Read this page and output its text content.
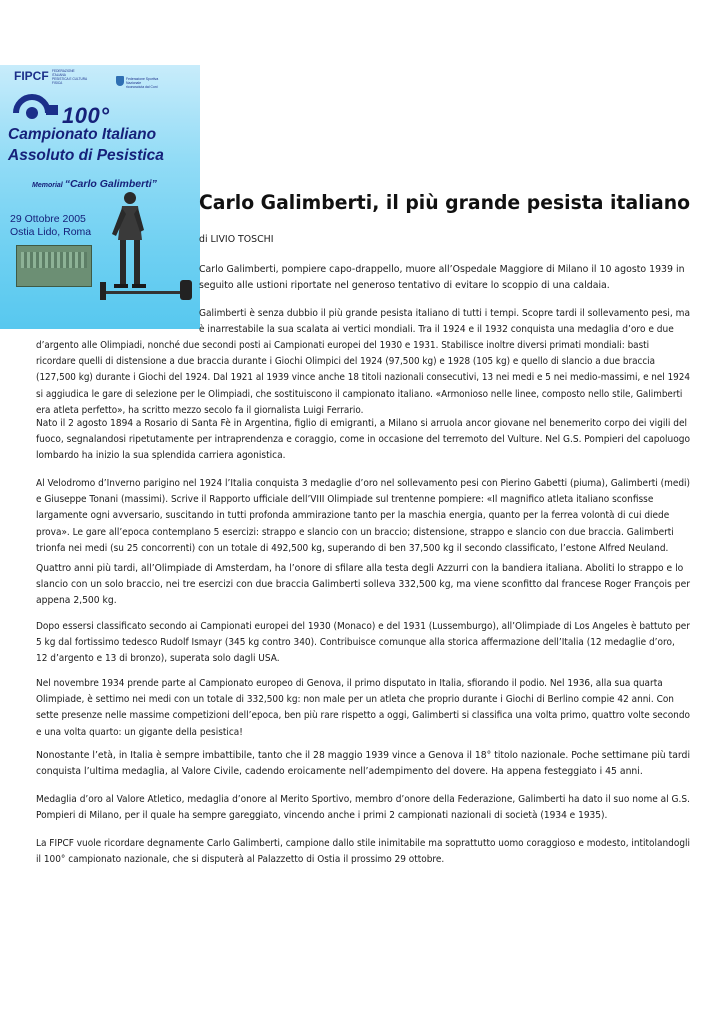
FIPCF FEDERAZIONE
ITALIANA
PESISTICA E CULTURA FISICA
Federazione Sportiva Nazionale
riconosciuta dal Coni
100°
Campionato Italiano
Assoluto di Pesistica
Memorial “Carlo Galimberti”
29 Ottobre 2005
Ostia Lido, Roma
Carlo Galimberti, il più grande pesista italiano
di LIVIO TOSCHI
Carlo Galimberti, pompiere capo-drappello, muore all’Ospedale Maggiore di Milano il 10 agosto 1939 in
seguito alle ustioni riportate nel generoso tentativo di evitare lo scoppio di una caldaia.
Galimberti è senza dubbio il più grande pesista italiano di tutti i tempi. Scopre tardi il sollevamento pesi, ma
è inarrestabile la sua scalata ai vertici mondiali. Tra il 1924 e il 1932 conquista una medaglia d’oro e due
d’argento alle Olimpiadi, nonché due secondi posti ai Campionati europei del 1930 e 1931. Stabilisce inoltre diversi primati mondiali: basti
ricordare quelli di distensione a due braccia durante i Giochi Olimpici del 1924 (97,500 kg) e 1928 (105 kg) e quello di slancio a due braccia
(127,500 kg) durante i Giochi del 1924. Dal 1921 al 1939 vince anche 18 titoli nazionali consecutivi, 13 nei medi e 5 nei medio-massimi, e nel 1924
si aggiudica le gare di selezione per le Olimpiadi, che sostituiscono il campionato italiano. «Armonioso nelle linee, composto nello stile, Galimberti
era atleta perfetto», ha scritto mezzo secolo fa il giornalista Luigi Ferrario.
Nato il 2 agosto 1894 a Rosario di Santa Fè in Argentina, figlio di emigranti, a Milano si arruola ancor giovane nel benemerito corpo dei vigili del
fuoco, segnalandosi ripetutamente per intraprendenza e coraggio, come in occasione del terremoto del Vulture. Nel G.S. Pompieri del capoluogo
lombardo ha inizio la sua splendida carriera agonistica.
Al Velodromo d’Inverno parigino nel 1924 l’Italia conquista 3 medaglie d’oro nel sollevamento pesi con Pierino Gabetti (piuma), Galimberti (medi)
e Giuseppe Tonani (massimi). Scrive il Rapporto ufficiale dell’VIII Olimpiade sul trentenne pompiere: «Il magnifico atleta italiano sconfisse
largamente ogni avversario, suscitando in tutti profonda ammirazione tanto per la maschia energia, quanto per la ferrea volontà di cui diede
prova». Le gare all’epoca contemplano 5 esercizi: strappo e slancio con un braccio; distensione, strappo e slancio con due braccia. Galimberti
trionfa nei medi (su 25 concorrenti) con un totale di 492,500 kg, superando di ben 37,500 kg il secondo classificato, l’estone Alfred Neuland.
Quattro anni più tardi, all’Olimpiade di Amsterdam, ha l’onore di sfilare alla testa degli Azzurri con la bandiera italiana. Aboliti lo strappo e lo
slancio con un solo braccio, nei tre esercizi con due braccia Galimberti solleva 332,500 kg, ma viene sconfitto dal francese Roger François per
appena 2,500 kg.
Dopo essersi classificato secondo ai Campionati europei del 1930 (Monaco) e del 1931 (Lussemburgo), all’Olimpiade di Los Angeles è battuto per
5 kg dal fortissimo tedesco Rudolf Ismayr (345 kg contro 340). Contribuisce comunque alla storica affermazione dell’Italia (12 medaglie d’oro,
12 d’argento e 13 di bronzo), superata solo dagli USA.
Nel novembre 1934 prende parte al Campionato europeo di Genova, il primo disputato in Italia, sfiorando il podio. Nel 1936, alla sua quarta
Olimpiade, è settimo nei medi con un totale di 332,500 kg: non male per un atleta che proprio durante i Giochi di Berlino compie 42 anni. Con
sette presenze nelle massime competizioni dell’epoca, ben più rare rispetto a oggi, Galimberti si classifica una volta primo, quattro volte secondo
e una volta quarto: un gigante della pesistica!
Nonostante l’età, in Italia è sempre imbattibile, tanto che il 28 maggio 1939 vince a Genova il 18° titolo nazionale. Poche settimane più tardi
conquista l’ultima medaglia, al Valore Civile, cadendo eroicamente nell’adempimento del dovere. Ha appena festeggiato i 45 anni.
Medaglia d’oro al Valore Atletico, medaglia d’onore al Merito Sportivo, membro d’onore della Federazione, Galimberti ha dato il suo nome al G.S.
Pompieri di Milano, per il quale ha sempre gareggiato, vincendo anche i primi 2 campionati nazionali di società (1934 e 1935).
La FIPCF vuole ricordare degnamente Carlo Galimberti, campione dallo stile inimitabile ma soprattutto uomo coraggioso e modesto, intitolandogli
il 100° campionato nazionale, che si disputerà al Palazzetto di Ostia il prossimo 29 ottobre.
